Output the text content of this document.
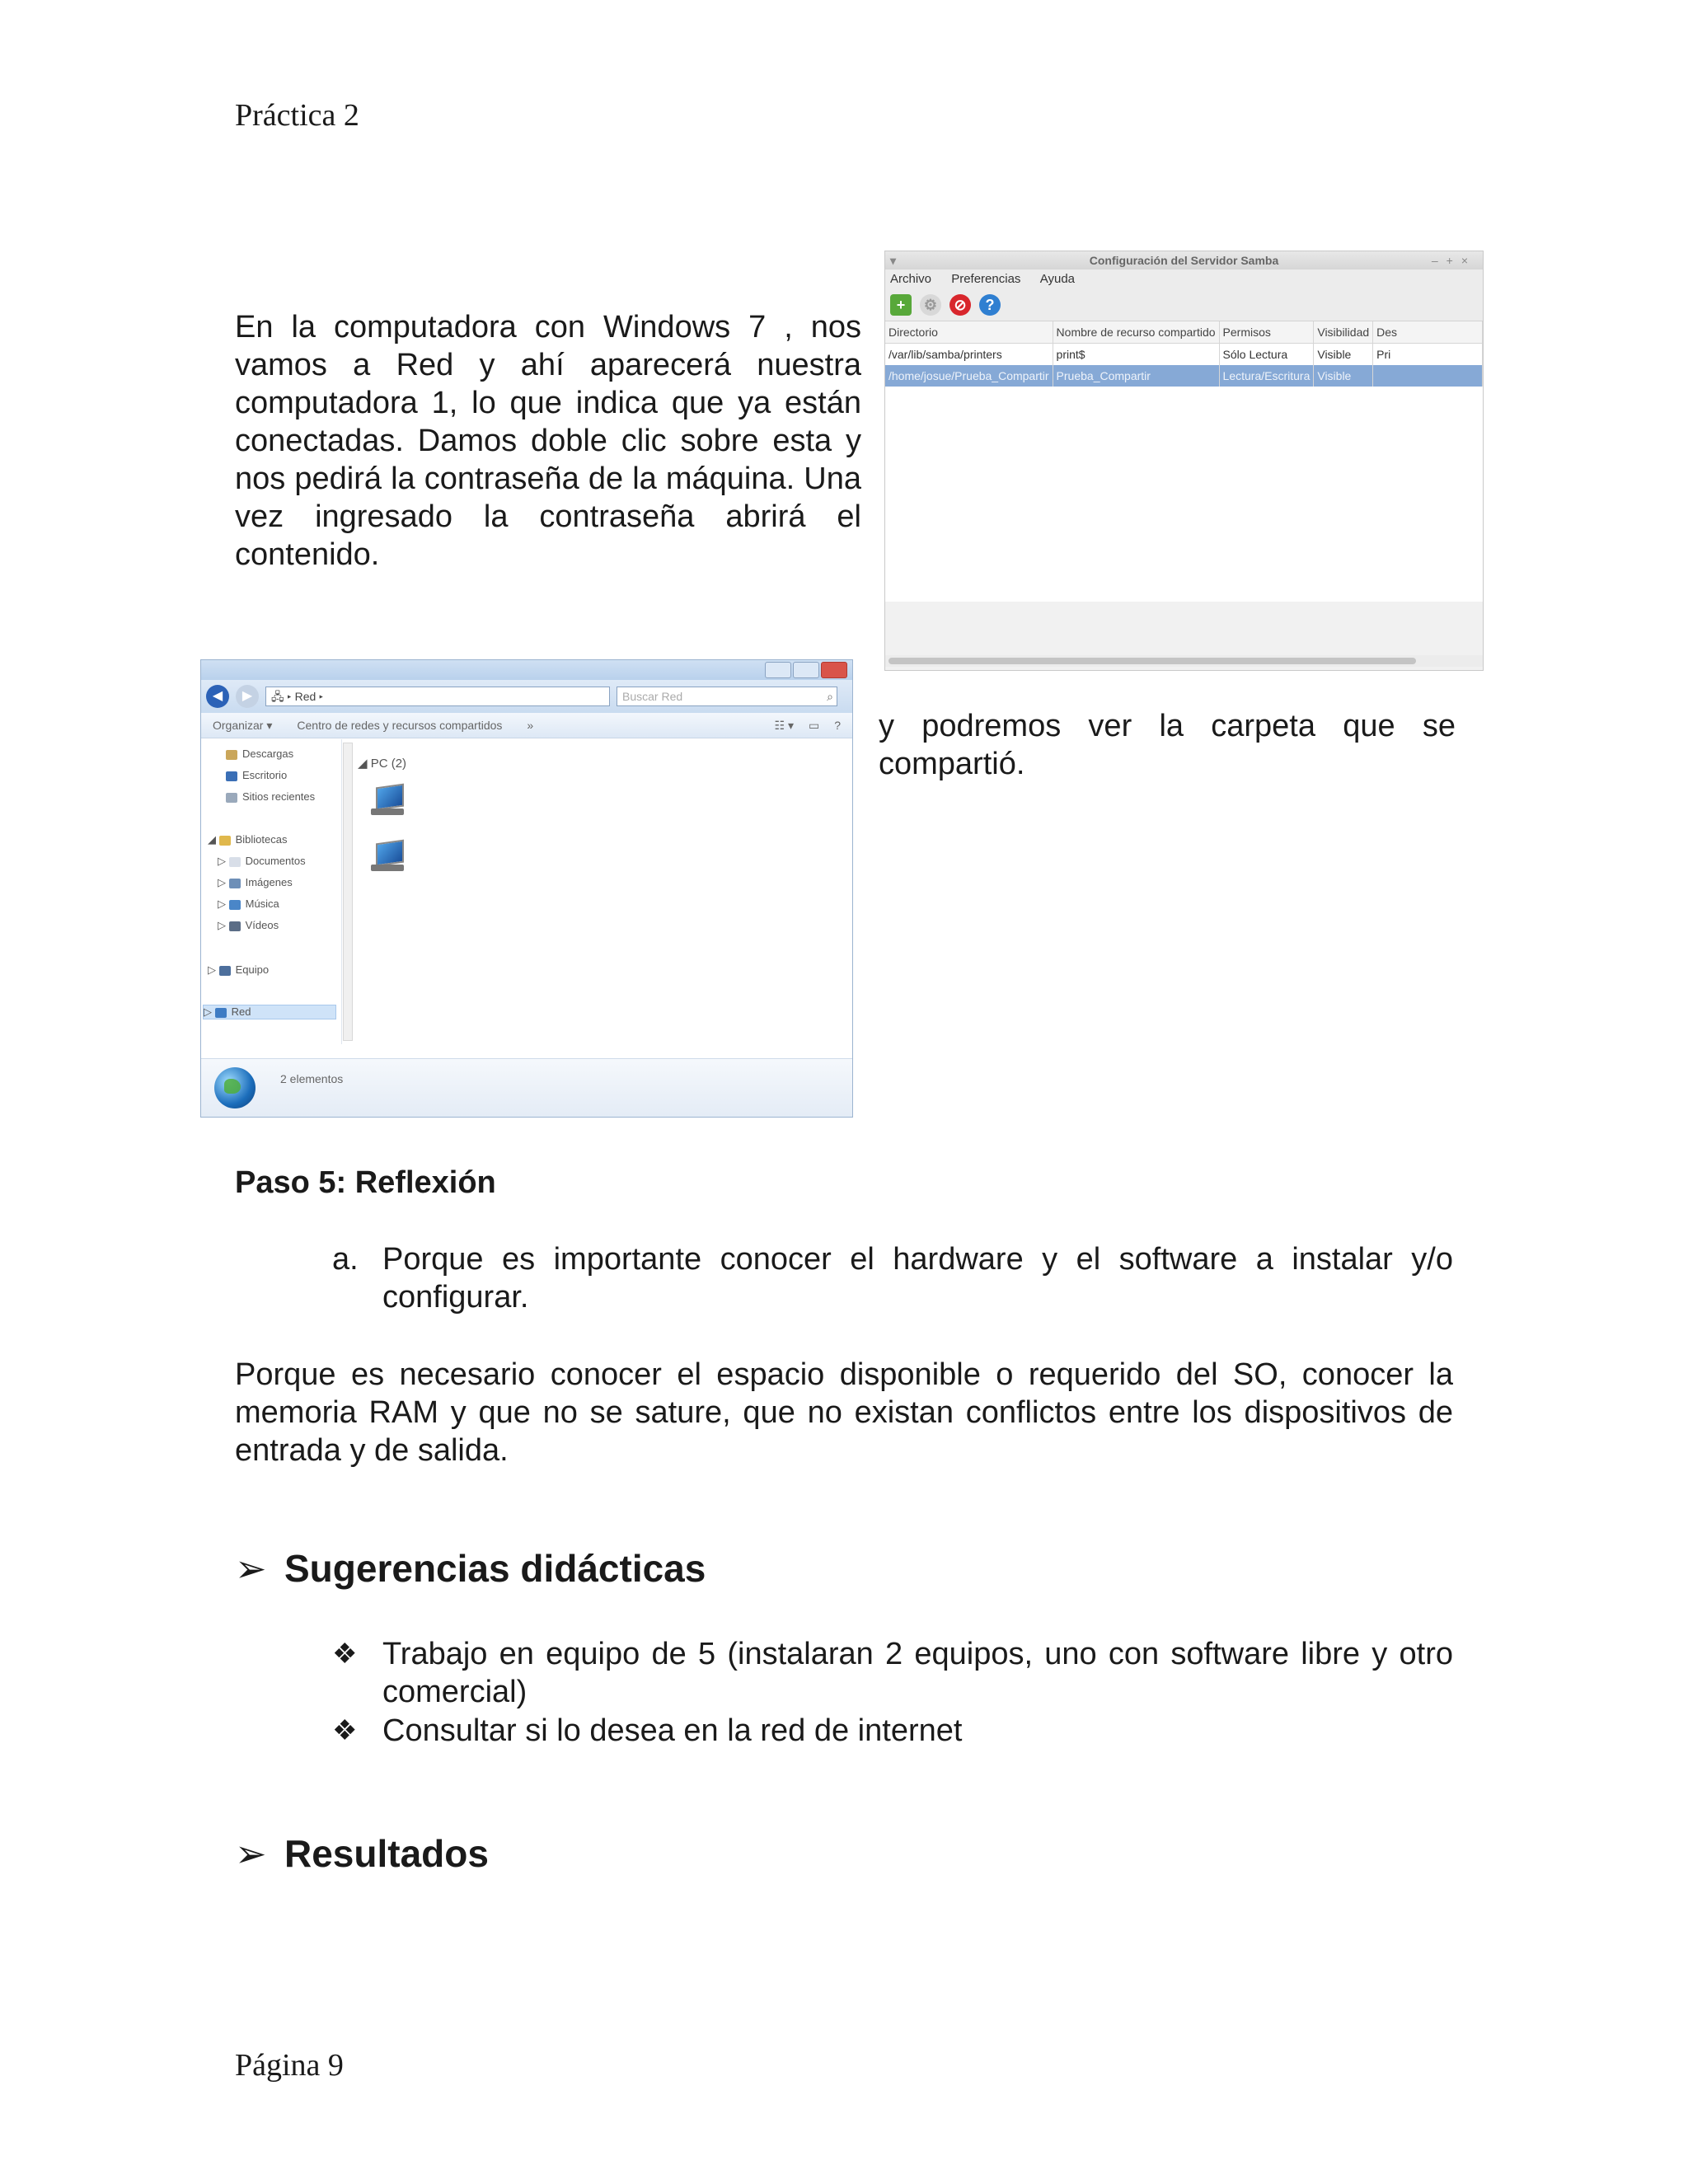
Práctica 2
En la computadora con Windows 7 , nos vamos a Red y ahí aparecerá nuestra computadora 1, lo que indica que ya están conectadas. Damos doble clic sobre esta y nos pedirá la contraseña de la máquina. Una vez ingresado la contraseña abrirá el contenido.
▾	Configuración del Servidor Samba	–+×
Archivo Preferencias Ayuda
+	⚙	⊘	?
Directorio	Nombre de recurso compartido	Permisos	Visibilidad	Des
/var/lib/samba/printers	print$	Sólo Lectura	Visible	Pri
/home/josue/Prueba_Compartir	Prueba_Compartir	Lectura/Escritura	Visible	
◀	▶	🖧 ▸ Red ▸	Buscar Red	⌕
Organizar ▾ Centro de redes y recursos compartidos »	☷ ▾ ▭ ?
Descargas
Escritorio
Sitios recientes
◢ Bibliotecas
▷ Documentos
▷ Imágenes
▷ Música
▷ Vídeos
▷ Equipo
▷ Red
◢ PC (2)
2 elementos
y podremos ver la carpeta que se compartió.
Paso 5: Reflexión
a. Porque es importante conocer el hardware y el software a instalar y/o configurar.
Porque es necesario conocer el espacio disponible o requerido del SO, conocer la memoria RAM y que no se sature, que no existan conflictos entre los dispositivos de entrada y de salida.
➢ Sugerencias didácticas
❖ Trabajo en equipo de 5 (instalaran 2 equipos, uno con software libre y otro comercial)
❖ Consultar si lo desea en la red de internet
➢ Resultados
Página 9
